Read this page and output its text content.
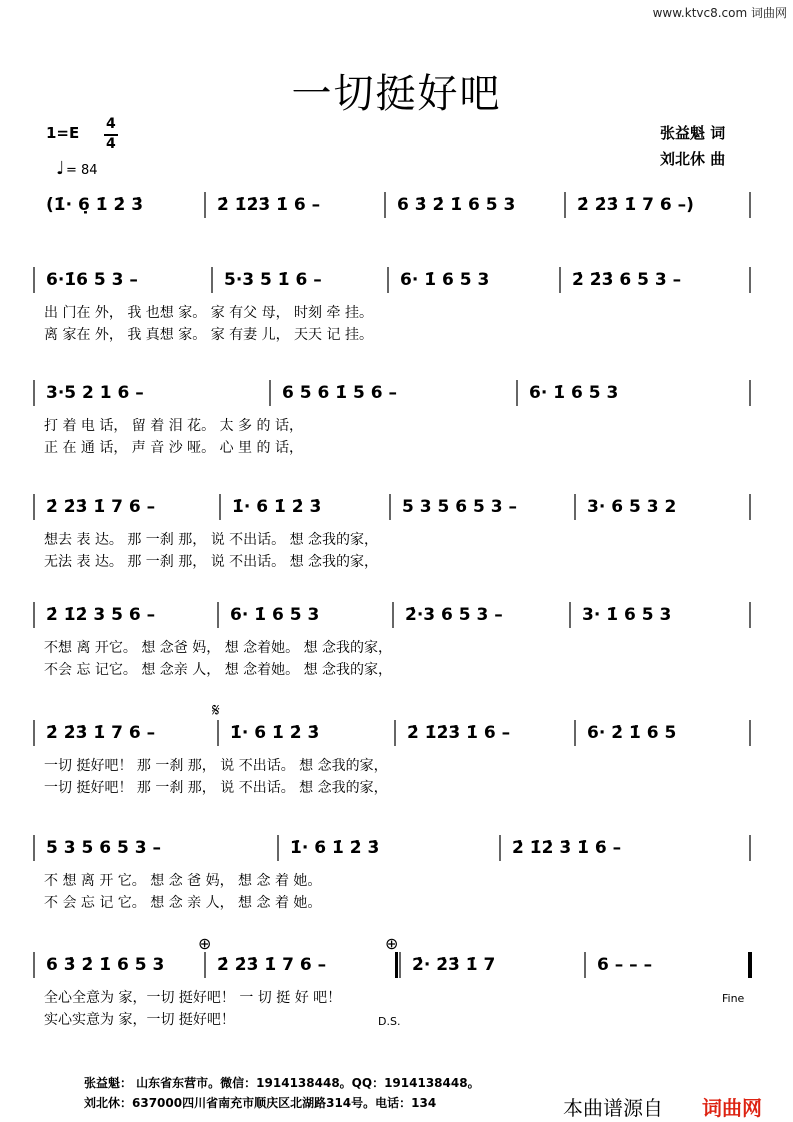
www.ktvc8.com 词曲网
一切挺好吧
1=E 4
4
♩ = 84
张益魁 词
刘北休 曲
(1̇· 6̣ 1̇ 2̇ 3̇	2̇ 1̇2̇3̇ 1̇ 6 –	6 3̇ 2̇ 1̇ 6 5 3	2̇ 2̇3̇ 1̇ 7 6 –)
6·1̇6 5 3 –	5·3 5 1̇ 6 –	6· 1̇ 6 5 3	2̇ 2̇3̇ 6 5 3 –
出 门在 外， 我 也想 家。 家 有父 母， 时刻 牵 挂。
离 家在 外， 我 真想 家。 家 有妻 儿， 天天 记 挂。
3·5 2 1 6 –	6 5 6 1̇ 5 6 –	6· 1̇ 6 5 3
打 着 电 话， 留 着 泪 花。 太 多 的 话，
正 在 通 话， 声 音 沙 哑。 心 里 的 话，
2̇ 2̇3̇ 1̇ 7 6 –	1̇· 6 1̇ 2̇ 3̇	5 3 5 6 5 3 –	3· 6 5 3 2
想去 表 达。 那 一刹 那， 说 不出话。 想 念我的家，
无法 表 达。 那 一刹 那， 说 不出话。 想 念我的家，
2̇ 1̇2̇ 3 5 6 –	6· 1̇ 6 5 3	2̇·3 6 5 3 –	3· 1̇ 6 5 3
不想 离 开它。 想 念爸 妈， 想 念着她。 想 念我的家，
不会 忘 记它。 想 念亲 人， 想 念着她。 想 念我的家，
2̇ 2̇3̇ 1̇ 7 6 –	1̇· 6 1̇ 2̇ 3̇	2̇ 1̇2̇3̇ 1̇ 6 –	6· 2̇ 1̇ 6 5
一切 挺好吧！ 那 一刹 那， 说 不出话。 想 念我的家，
一切 挺好吧！ 那 一刹 那， 说 不出话。 想 念我的家，
5 3 5 6 5 3 –	1̇· 6 1̇ 2̇ 3̇	2̇ 1̇2̇ 3̇ 1̇ 6 –
不 想 离 开 它。 想 念 爸 妈， 想 念 着 她。
不 会 忘 记 它。 想 念 亲 人， 想 念 着 她。
6 3̇ 2̇ 1̇ 6 5 3	2̇ 2̇3̇ 1̇ 7 6 –	2̇· 2̇3̇ 1̇ 7	6 – – –
全心全意为 家，一切 挺好吧！ 一 切 挺 好 吧！
实心实意为 家，一切 挺好吧！
𝄋
⊕	⊕
D.S.
Fine
张益魁： 山东省东营市。微信：1914138448。QQ：1914138448。
刘北休：637000四川省南充市顺庆区北湖路314号。电话：134	本曲谱源自 词曲网
